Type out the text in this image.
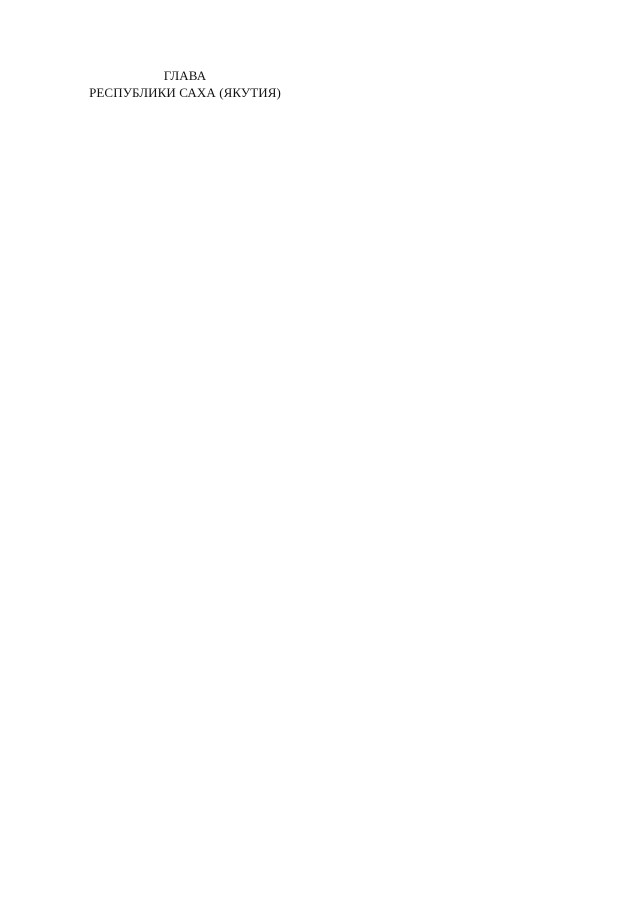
ГЛАВА
РЕСПУБЛИКИ САХА (ЯКУТИЯ)
